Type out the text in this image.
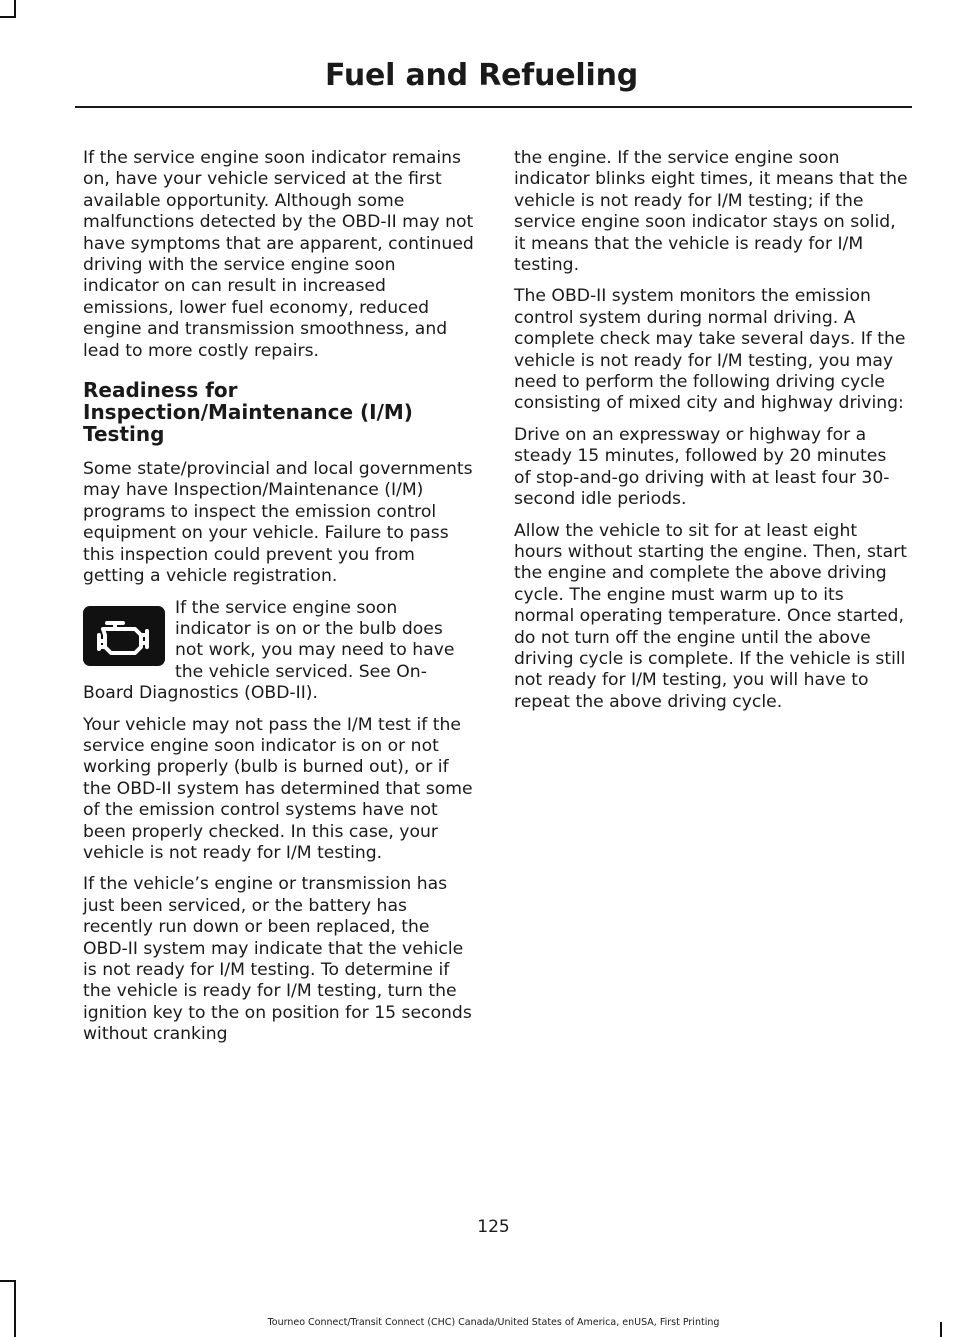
Fuel and Refueling

If the service engine soon indicator remains on, have your vehicle serviced at the first available opportunity. Although some malfunctions detected by the OBD-II may not have symptoms that are apparent, continued driving with the service engine soon indicator on can result in increased emissions, lower fuel economy, reduced engine and transmission smoothness, and lead to more costly repairs.

Readiness for Inspection/Maintenance (I/M) Testing

Some state/provincial and local governments may have Inspection/Maintenance (I/M) programs to inspect the emission control equipment on your vehicle. Failure to pass this inspection could prevent you from getting a vehicle registration.

If the service engine soon indicator is on or the bulb does not work, you may need to have the vehicle serviced. See On-Board Diagnostics (OBD-II).

Your vehicle may not pass the I/M test if the service engine soon indicator is on or not working properly (bulb is burned out), or if the OBD-II system has determined that some of the emission control systems have not been properly checked. In this case, your vehicle is not ready for I/M testing.

If the vehicle’s engine or transmission has just been serviced, or the battery has recently run down or been replaced, the OBD-II system may indicate that the vehicle is not ready for I/M testing. To determine if the vehicle is ready for I/M testing, turn the ignition key to the on position for 15 seconds without cranking

the engine. If the service engine soon indicator blinks eight times, it means that the vehicle is not ready for I/M testing; if the service engine soon indicator stays on solid, it means that the vehicle is ready for I/M testing.

The OBD-II system monitors the emission control system during normal driving. A complete check may take several days. If the vehicle is not ready for I/M testing, you may need to perform the following driving cycle consisting of mixed city and highway driving:

Drive on an expressway or highway for a steady 15 minutes, followed by 20 minutes of stop-and-go driving with at least four 30-second idle periods.

Allow the vehicle to sit for at least eight hours without starting the engine. Then, start the engine and complete the above driving cycle. The engine must warm up to its normal operating temperature. Once started, do not turn off the engine until the above driving cycle is complete. If the vehicle is still not ready for I/M testing, you will have to repeat the above driving cycle.

125
Tourneo Connect/Transit Connect (CHC) Canada/United States of America, enUSA, First Printing
